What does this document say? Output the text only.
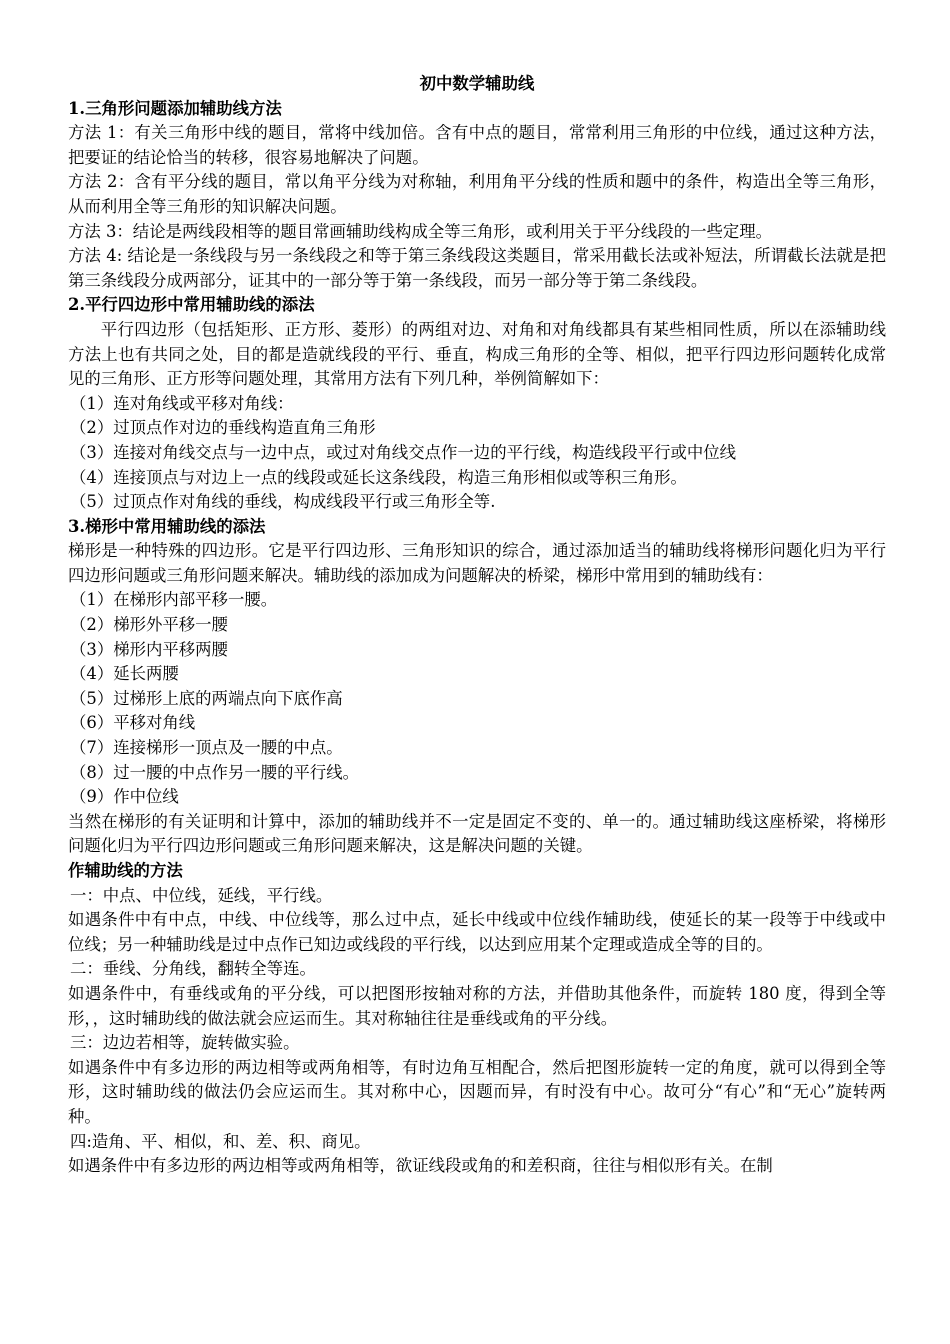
初中数学辅助线

1.三角形问题添加辅助线方法

方法 1：有关三角形中线的题目，常将中线加倍。含有中点的题目，常常利用三角形的中位线，通过这种方法，把要证的结论恰当的转移，很容易地解决了问题。

方法 2：含有平分线的题目，常以角平分线为对称轴，利用角平分线的性质和题中的条件，构造出全等三角形，从而利用全等三角形的知识解决问题。

方法 3：结论是两线段相等的题目常画辅助线构成全等三角形，或利用关于平分线段的一些定理。

方法 4: 结论是一条线段与另一条线段之和等于第三条线段这类题目，常采用截长法或补短法，所谓截长法就是把第三条线段分成两部分，证其中的一部分等于第一条线段，而另一部分等于第二条线段。

2.平行四边形中常用辅助线的添法

平行四边形（包括矩形、正方形、菱形）的两组对边、对角和对角线都具有某些相同性质，所以在添辅助线方法上也有共同之处，目的都是造就线段的平行、垂直，构成三角形的全等、相似，把平行四边形问题转化成常见的三角形、正方形等问题处理，其常用方法有下列几种，举例简解如下：

（1）连对角线或平移对角线：

（2）过顶点作对边的垂线构造直角三角形

（3）连接对角线交点与一边中点，或过对角线交点作一边的平行线，构造线段平行或中位线

（4）连接顶点与对边上一点的线段或延长这条线段，构造三角形相似或等积三角形。

（5）过顶点作对角线的垂线，构成线段平行或三角形全等.

3.梯形中常用辅助线的添法

梯形是一种特殊的四边形。它是平行四边形、三角形知识的综合，通过添加适当的辅助线将梯形问题化归为平行四边形问题或三角形问题来解决。辅助线的添加成为问题解决的桥梁，梯形中常用到的辅助线有：

（1）在梯形内部平移一腰。

（2）梯形外平移一腰

（3）梯形内平移两腰

（4）延长两腰

（5）过梯形上底的两端点向下底作高

（6）平移对角线

（7）连接梯形一顶点及一腰的中点。

（8）过一腰的中点作另一腰的平行线。

（9）作中位线

当然在梯形的有关证明和计算中，添加的辅助线并不一定是固定不变的、单一的。通过辅助线这座桥梁，将梯形问题化归为平行四边形问题或三角形问题来解决，这是解决问题的关键。

作辅助线的方法

一：中点、中位线，延线，平行线。

如遇条件中有中点，中线、中位线等，那么过中点，延长中线或中位线作辅助线，使延长的某一段等于中线或中位线；另一种辅助线是过中点作已知边或线段的平行线，以达到应用某个定理或造成全等的目的。

二：垂线、分角线，翻转全等连。

如遇条件中，有垂线或角的平分线，可以把图形按轴对称的方法，并借助其他条件，而旋转 180 度，得到全等形，，这时辅助线的做法就会应运而生。其对称轴往往是垂线或角的平分线。

三：边边若相等，旋转做实验。

如遇条件中有多边形的两边相等或两角相等，有时边角互相配合，然后把图形旋转一定的角度，就可以得到全等形，这时辅助线的做法仍会应运而生。其对称中心，因题而异，有时没有中心。故可分“有心”和“无心”旋转两种。

四:造角、平、相似，和、差、积、商见。

如遇条件中有多边形的两边相等或两角相等，欲证线段或角的和差积商，往往与相似形有关。在制
